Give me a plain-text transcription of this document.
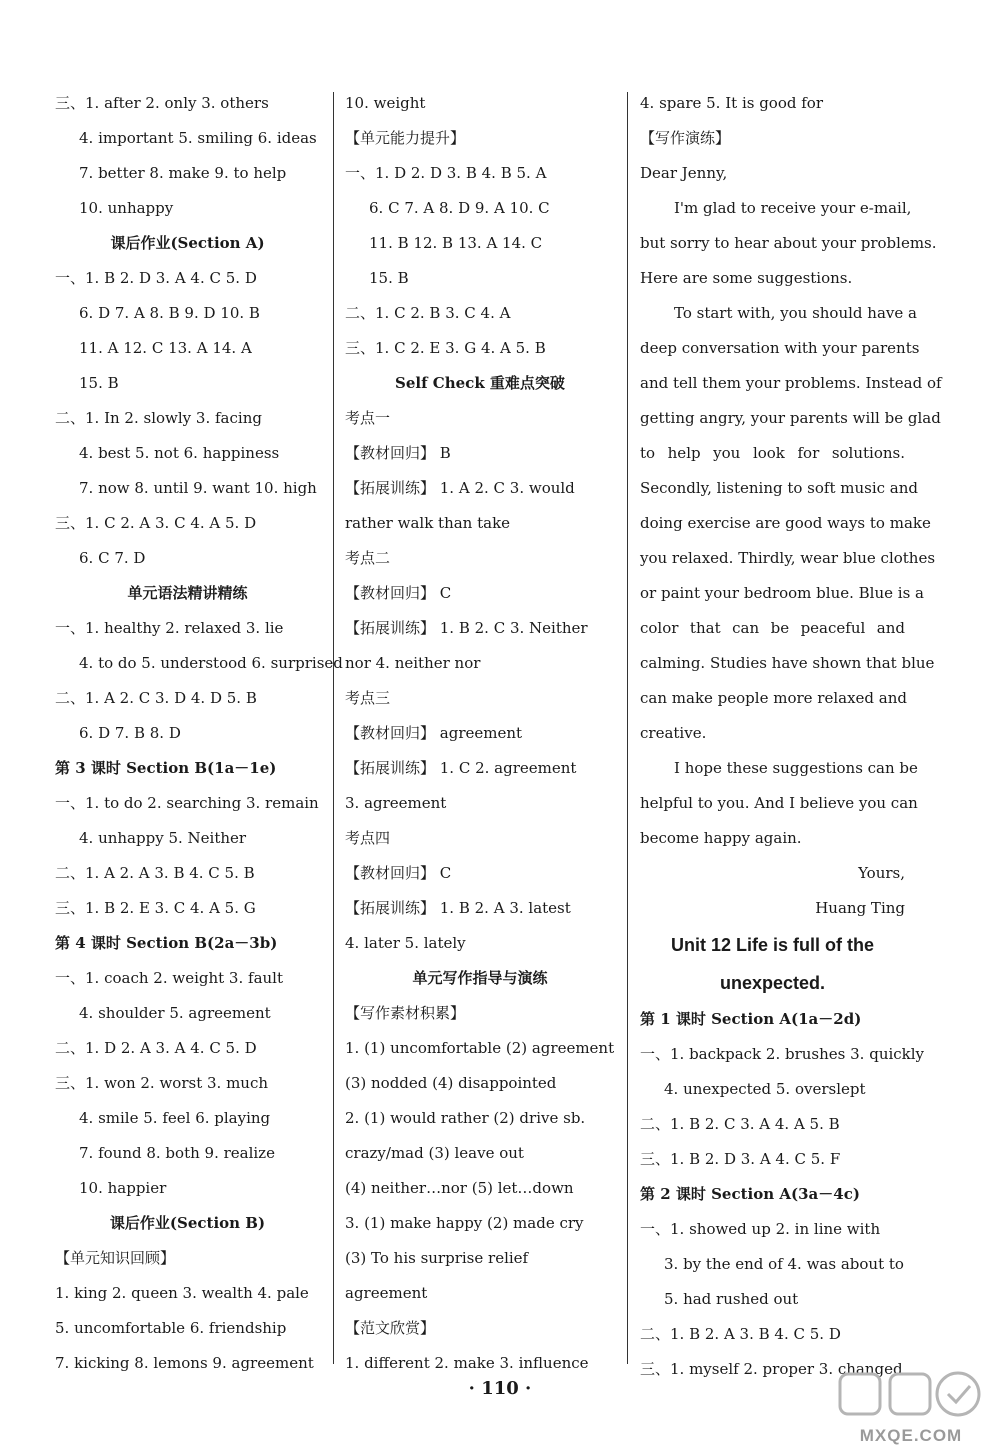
三、1. after 2. only 3. others
4. important 5. smiling 6. ideas
7. better 8. make 9. to help
10. unhappy
课后作业(Section A)
一、1. B 2. D 3. A 4. C 5. D
6. D 7. A 8. B 9. D 10. B
11. A 12. C 13. A 14. A
15. B
二、1. In 2. slowly 3. facing
4. best 5. not 6. happiness
7. now 8. until 9. want 10. high
三、1. C 2. A 3. C 4. A 5. D
6. C 7. D
单元语法精讲精练
一、1. healthy 2. relaxed 3. lie
4. to do 5. understood 6. surprised
二、1. A 2. C 3. D 4. D 5. B
6. D 7. B 8. D
第 3 课时 Section B(1a－1e)
一、1. to do 2. searching 3. remain
4. unhappy 5. Neither
二、1. A 2. A 3. B 4. C 5. B
三、1. B 2. E 3. C 4. A 5. G
第 4 课时 Section B(2a－3b)
一、1. coach 2. weight 3. fault
4. shoulder 5. agreement
二、1. D 2. A 3. A 4. C 5. D
三、1. won 2. worst 3. much
4. smile 5. feel 6. playing
7. found 8. both 9. realize
10. happier
课后作业(Section B)
【单元知识回顾】
1. king 2. queen 3. wealth 4. pale
5. uncomfortable 6. friendship
7. kicking 8. lemons 9. agreement
10. weight
【单元能力提升】
一、1. D 2. D 3. B 4. B 5. A
6. C 7. A 8. D 9. A 10. C
11. B 12. B 13. A 14. C
15. B
二、1. C 2. B 3. C 4. A
三、1. C 2. E 3. G 4. A 5. B
Self Check 重难点突破
考点一
【教材回归】 B
【拓展训练】 1. A 2. C 3. would
rather walk than take
考点二
【教材回归】 C
【拓展训练】 1. B 2. C 3. Neither
nor 4. neither nor
考点三
【教材回归】 agreement
【拓展训练】 1. C 2. agreement
3. agreement
考点四
【教材回归】 C
【拓展训练】 1. B 2. A 3. latest
4. later 5. lately
单元写作指导与演练
【写作素材积累】
1. (1) uncomfortable (2) agreement
(3) nodded (4) disappointed
2. (1) would rather (2) drive sb.
crazy/mad (3) leave out
(4) neither…nor (5) let…down
3. (1) make happy (2) made cry
(3) To his surprise relief
agreement
【范文欣赏】
1. different 2. make 3. influence
4. spare 5. It is good for
【写作演练】
Dear Jenny,
I'm glad to receive your e-mail,
but sorry to hear about your problems.
Here are some suggestions.
To start with, you should have a
deep conversation with your parents
and tell them your problems. Instead of
getting angry, your parents will be glad
to help you look for solutions.
Secondly, listening to soft music and
doing exercise are good ways to make
you relaxed. Thirdly, wear blue clothes
or paint your bedroom blue. Blue is a
color that can be peaceful and
calming. Studies have shown that blue
can make people more relaxed and
creative.
I hope these suggestions can be
helpful to you. And I believe you can
become happy again.
Yours,
Huang Ting
Unit 12 Life is full of the
unexpected.
第 1 课时 Section A(1a－2d)
一、1. backpack 2. brushes 3. quickly
4. unexpected 5. overslept
二、1. B 2. C 3. A 4. A 5. B
三、1. B 2. D 3. A 4. C 5. F
第 2 课时 Section A(3a－4c)
一、1. showed up 2. in line with
3. by the end of 4. was about to
5. had rushed out
二、1. B 2. A 3. B 4. C 5. D
三、1. myself 2. proper 3. changed
· 110 ·
MXQE.COM
